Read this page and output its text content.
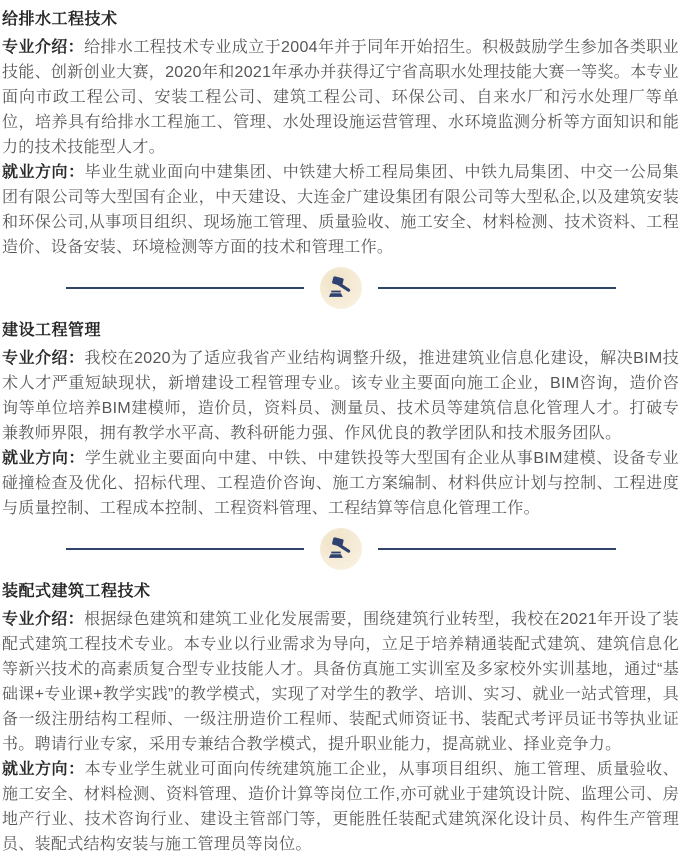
给排水工程技术

专业介绍：给排水工程技术专业成立于2004年并于同年开始招生。积极鼓励学生参加各类职业技能、创新创业大赛，2020年和2021年承办并获得辽宁省高职水处理技能大赛一等奖。本专业面向市政工程公司、安装工程公司、建筑工程公司、环保公司、自来水厂和污水处理厂等单位，培养具有给排水工程施工、管理、水处理设施运营管理、水环境监测分析等方面知识和能力的技术技能型人才。

就业方向：毕业生就业面向中建集团、中铁建大桥工程局集团、中铁九局集团、中交一公局集团有限公司等大型国有企业，中天建设、大连金广建设集团有限公司等大型私企,以及建筑安装和环保公司,从事项目组织、现场施工管理、质量验收、施工安全、材料检测、技术资料、工程造价、设备安装、环境检测等方面的技术和管理工作。

建设工程管理

专业介绍：我校在2020为了适应我省产业结构调整升级，推进建筑业信息化建设，解决BIM技术人才严重短缺现状，新增建设工程管理专业。该专业主要面向施工企业，BIM咨询，造价咨询等单位培养BIM建模师，造价员，资料员、测量员、技术员等建筑信息化管理人才。打破专兼教师界限，拥有教学水平高、教科研能力强、作风优良的教学团队和技术服务团队。

就业方向：学生就业主要面向中建、中铁、中建铁投等大型国有企业从事BIM建模、设备专业碰撞检查及优化、招标代理、工程造价咨询、施工方案编制、材料供应计划与控制、工程进度与质量控制、工程成本控制、工程资料管理、工程结算等信息化管理工作。

装配式建筑工程技术

专业介绍：根据绿色建筑和建筑工业化发展需要，围绕建筑行业转型，我校在2021年开设了装配式建筑工程技术专业。本专业以行业需求为导向，立足于培养精通装配式建筑、建筑信息化等新兴技术的高素质复合型专业技能人才。具备仿真施工实训室及多家校外实训基地，通过“基础课+专业课+教学实践”的教学模式，实现了对学生的教学、培训、实习、就业一站式管理，具备一级注册结构工程师、一级注册造价工程师、装配式师资证书、装配式考评员证书等执业证书。聘请行业专家，采用专兼结合教学模式，提升职业能力，提高就业、择业竞争力。

就业方向：本专业学生就业可面向传统建筑施工企业，从事项目组织、施工管理、质量验收、施工安全、材料检测、资料管理、造价计算等岗位工作,亦可就业于建筑设计院、监理公司、房地产行业、技术咨询行业、建设主管部门等，更能胜任装配式建筑深化设计员、构件生产管理员、装配式结构安装与施工管理员等岗位。
